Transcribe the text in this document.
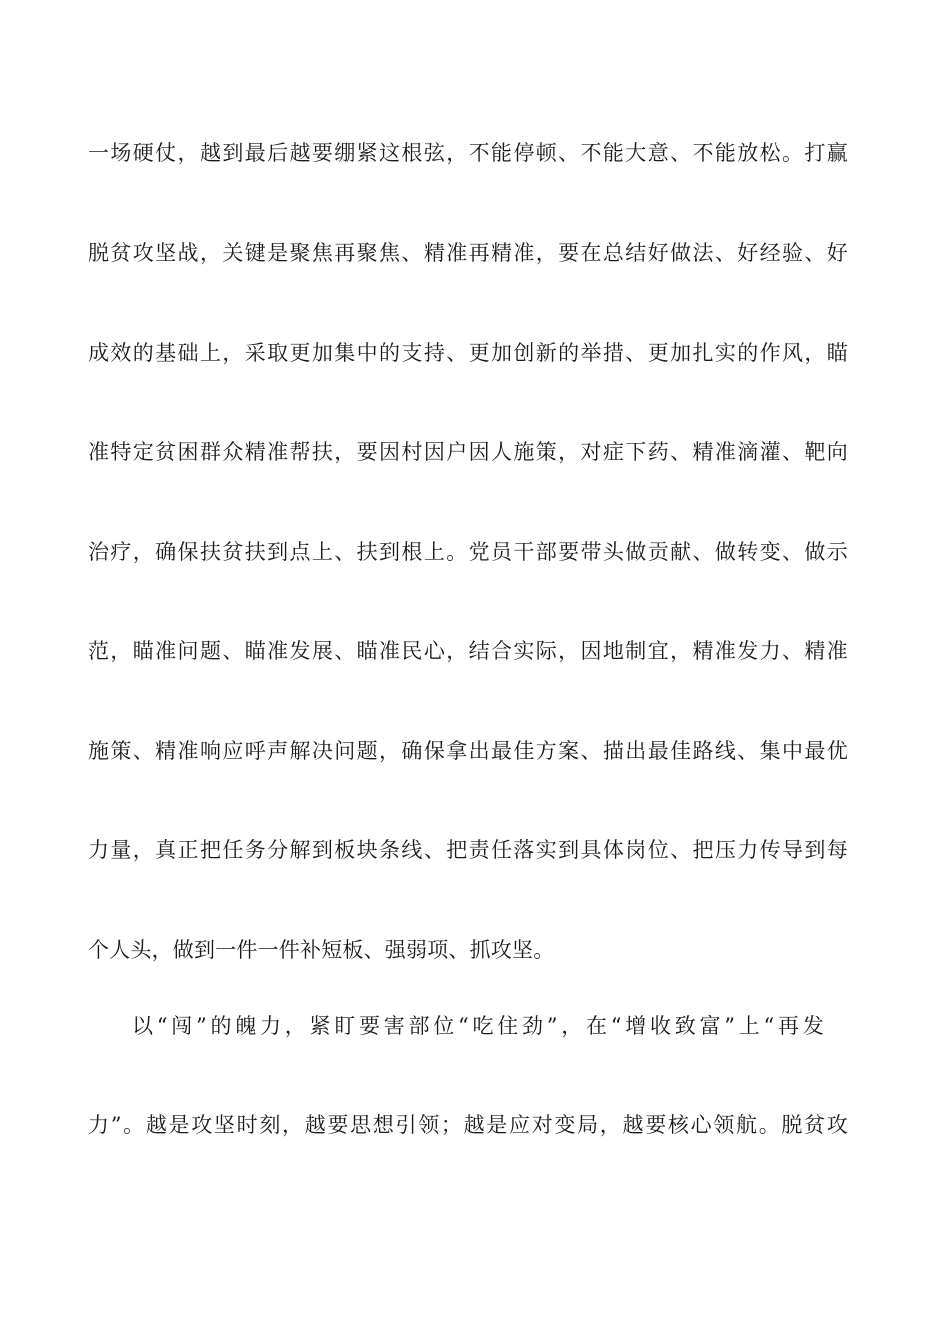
一场硬仗，越到最后越要绷紧这根弦，不能停顿、不能大意、不能放松。打赢
脱贫攻坚战，关键是聚焦再聚焦、精准再精准，要在总结好做法、好经验、好
成效的基础上，采取更加集中的支持、更加创新的举措、更加扎实的作风，瞄
准特定贫困群众精准帮扶，要因村因户因人施策，对症下药、精准滴灌、靶向
治疗，确保扶贫扶到点上、扶到根上。党员干部要带头做贡献、做转变、做示
范，瞄准问题、瞄准发展、瞄准民心，结合实际，因地制宜，精准发力、精准
施策、精准响应呼声解决问题，确保拿出最佳方案、描出最佳路线、集中最优
力量，真正把任务分解到板块条线、把责任落实到具体岗位、把压力传导到每
个人头，做到一件一件补短板、强弱项、抓攻坚。
以“闯”的魄力，紧盯要害部位“吃住劲”，在“增收致富”上“再发
力”。越是攻坚时刻，越要思想引领；越是应对变局，越要核心领航。脱贫攻
